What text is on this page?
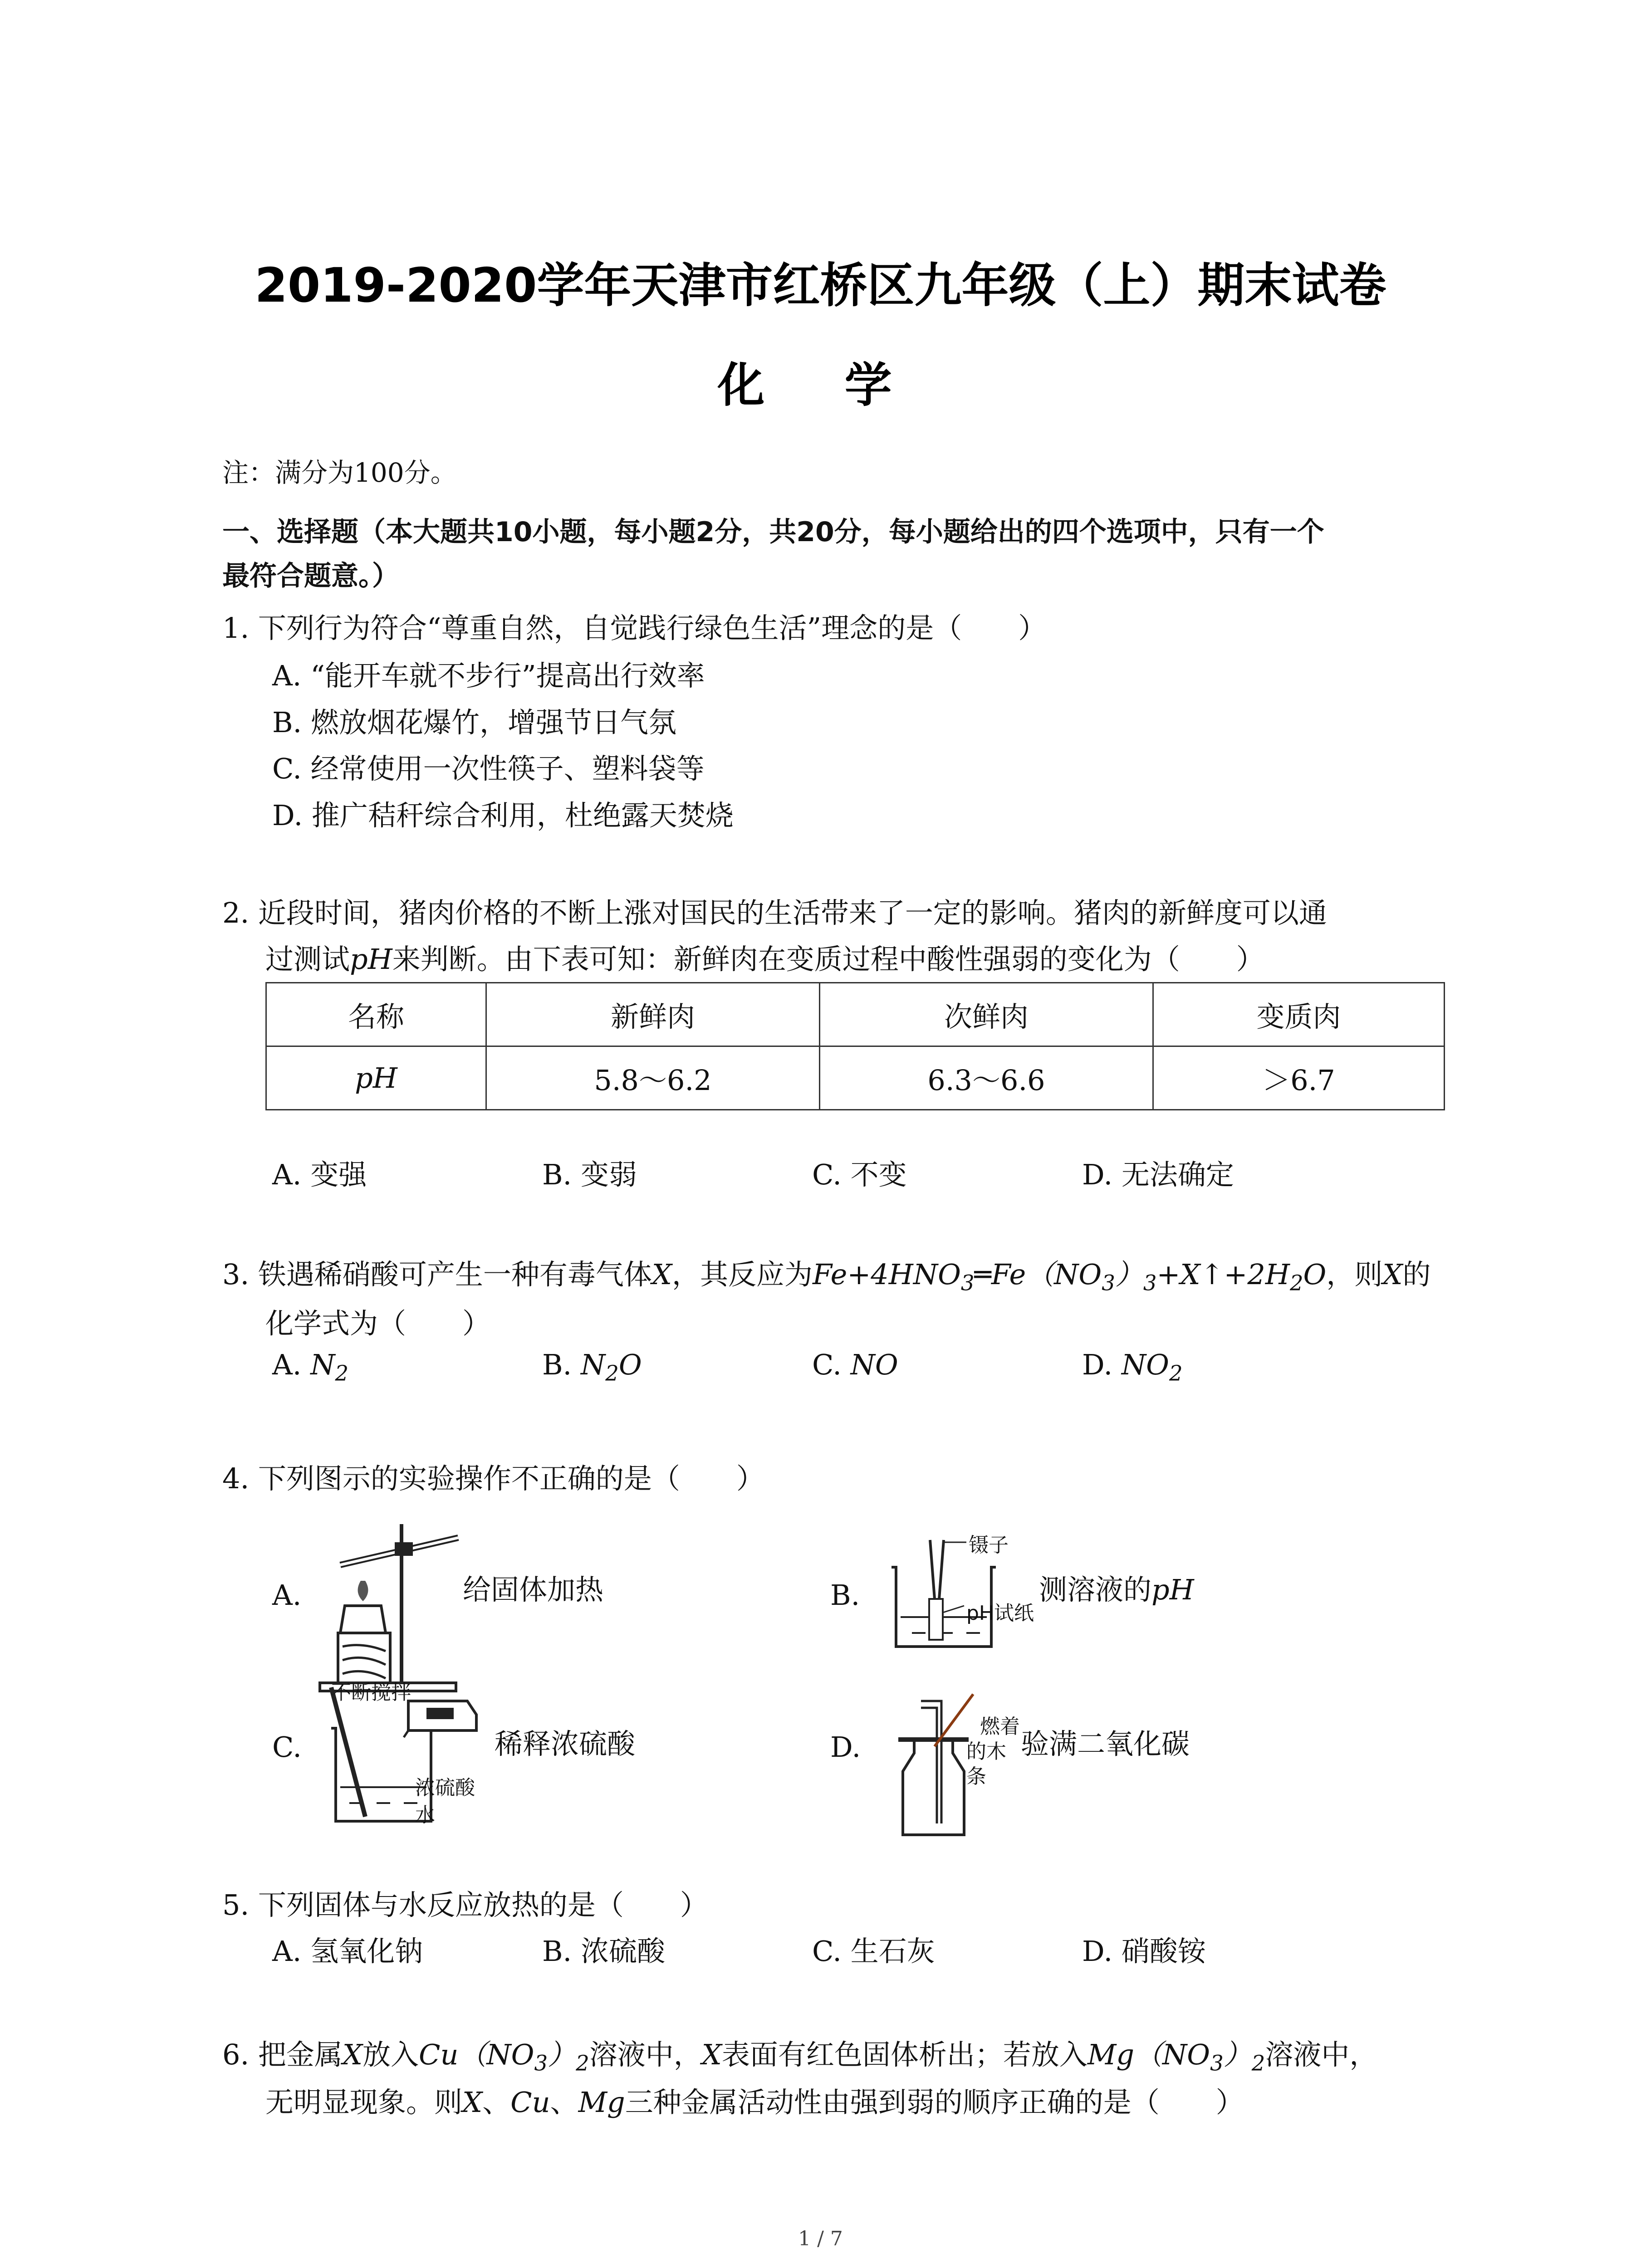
2019-2020学年天津市红桥区九年级（上）期末试卷
化 学
注：满分为100分。
一、选择题（本大题共10小题，每小题2分，共20分，每小题给出的四个选项中，只有一个
最符合题意。）
1. 下列行为符合“尊重自然，自觉践行绿色生活”理念的是（　　）
A. “能开车就不步行”提高出行效率
B. 燃放烟花爆竹，增强节日气氛
C. 经常使用一次性筷子、塑料袋等
D. 推广秸秆综合利用，杜绝露天焚烧
2. 近段时间，猪肉价格的不断上涨对国民的生活带来了一定的影响。猪肉的新鲜度可以通
过测试pH来判断。由下表可知：新鲜肉在变质过程中酸性强弱的变化为（　　）
名称	新鲜肉	次鲜肉	变质肉
pH	5.8～6.2	6.3～6.6	＞6.7
A. 变强	B. 变弱	C. 不变	D. 无法确定
3. 铁遇稀硝酸可产生一种有毒气体X，其反应为$Fe+4HNO_3═Fe(NO_3)_3+X↑+2H_2O$，则X的
化学式为（　　）
A. $N_2$	B. $N_2O$	C. NO	D. $NO_2$
4. 下列图示的实验操作不正确的是（　　）
A.	给固体加热	B.
镊子
pH试纸
测溶液的pH
C.
不断搅拌
浓硫酸
水
稀释浓硫酸	D.
燃着
的木
条
验满二氧化碳
5. 下列固体与水反应放热的是（　　）
A. 氢氧化钠	B. 浓硫酸	C. 生石灰	D. 硝酸铵
6. 把金属X放入$Cu(NO_3)_2$溶液中，X表面有红色固体析出；若放入$Mg(NO_3)_2$溶液中，
无明显现象。则X、Cu、Mg三种金属活动性由强到弱的顺序正确的是（　　）
1 / 7
